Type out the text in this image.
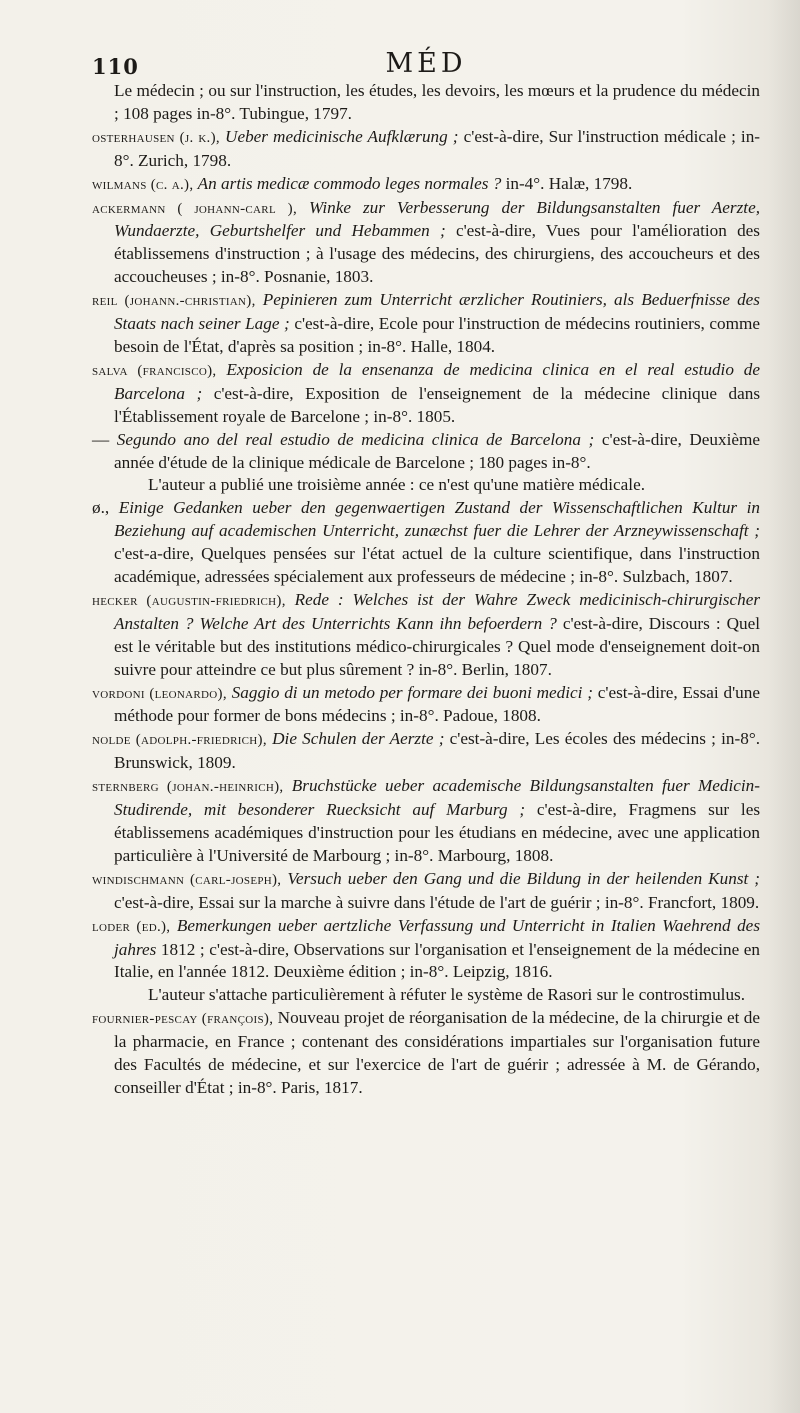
110	MÉD

Le médecin ; ou sur l'instruction, les études, les devoirs, les mœurs et la prudence du médecin ; 108 pages in-8°. Tubingue, 1797.

osterhausen (j. k.), Ueber medicinische Aufklærung ; c'est-à-dire, Sur l'instruction médicale ; in-8°. Zurich, 1798.

wilmans (c. a.), An artis medicæ commodo leges normales ? in-4°. Halæ, 1798.

ackermann ( johann-carl ), Winke zur Verbesserung der Bildungsanstalten fuer Aerzte, Wundaerzte, Geburtshelfer und Hebammen ; c'est-à-dire, Vues pour l'amélioration des établissemens d'instruction ; à l'usage des médecins, des chirurgiens, des accoucheurs et des accoucheuses ; in-8°. Posnanie, 1803.

reil (johann.-christian), Pepinieren zum Unterricht ærzlicher Routiniers, als Beduerfnisse des Staats nach seiner Lage ; c'est-à-dire, Ecole pour l'instruction de médecins routiniers, comme besoin de l'État, d'après sa position ; in-8°. Halle, 1804.

salva (francisco), Exposicion de la ensenanza de medicina clinica en el real estudio de Barcelona ; c'est-à-dire, Exposition de l'enseignement de la médecine clinique dans l'Établissement royale de Barcelone ; in-8°. 1805.

— Segundo ano del real estudio de medicina clinica de Barcelona ; c'est-à-dire, Deuxième année d'étude de la clinique médicale de Barcelone ; 180 pages in-8°.

L'auteur a publié une troisième année : ce n'est qu'une matière médicale.

ø., Einige Gedanken ueber den gegenwaertigen Zustand der Wissenschaftlichen Kultur in Beziehung auf academischen Unterricht, zunæchst fuer die Lehrer der Arzneywissenschaft ; c'est-a-dire, Quelques pensées sur l'état actuel de la culture scientifique, dans l'instruction académique, adressées spécialement aux professeurs de médecine ; in-8°. Sulzbach, 1807.

hecker (augustin-friedrich), Rede : Welches ist der Wahre Zweck medicinisch-chirurgischer Anstalten ? Welche Art des Unterrichts Kann ihn befoerdern ? c'est-à-dire, Discours : Quel est le véritable but des institutions médico-chirurgicales ? Quel mode d'enseignement doit-on suivre pour atteindre ce but plus sûrement ? in-8°. Berlin, 1807.

vordoni (leonardo), Saggio di un metodo per formare dei buoni medici ; c'est-à-dire, Essai d'une méthode pour former de bons médecins ; in-8°. Padoue, 1808.

nolde (adolph.-friedrich), Die Schulen der Aerzte ; c'est-à-dire, Les écoles des médecins ; in-8°. Brunswick, 1809.

sternberg (johan.-heinrich), Bruchstücke ueber academische Bildungsanstalten fuer Medicin-Studirende, mit besonderer Ruecksicht auf Marburg ; c'est-à-dire, Fragmens sur les établissemens académiques d'instruction pour les étudians en médecine, avec une application particulière à l'Université de Marbourg ; in-8°. Marbourg, 1808.

windischmann (carl-joseph), Versuch ueber den Gang und die Bildung in der heilenden Kunst ; c'est-à-dire, Essai sur la marche à suivre dans l'étude de l'art de guérir ; in-8°. Francfort, 1809.

loder (ed.), Bemerkungen ueber aertzliche Verfassung und Unterricht in Italien Waehrend des jahres 1812 ; c'est-à-dire, Observations sur l'organisation et l'enseignement de la médecine en Italie, en l'année 1812. Deuxième édition ; in-8°. Leipzig, 1816.

L'auteur s'attache particulièrement à réfuter le système de Rasori sur le controstimulus.

fournier-pescay (françois), Nouveau projet de réorganisation de la médecine, de la chirurgie et de la pharmacie, en France ; contenant des considérations impartiales sur l'organisation future des Facultés de médecine, et sur l'exercice de l'art de guérir ; adressée à M. de Gérando, conseiller d'État ; in-8°. Paris, 1817.
